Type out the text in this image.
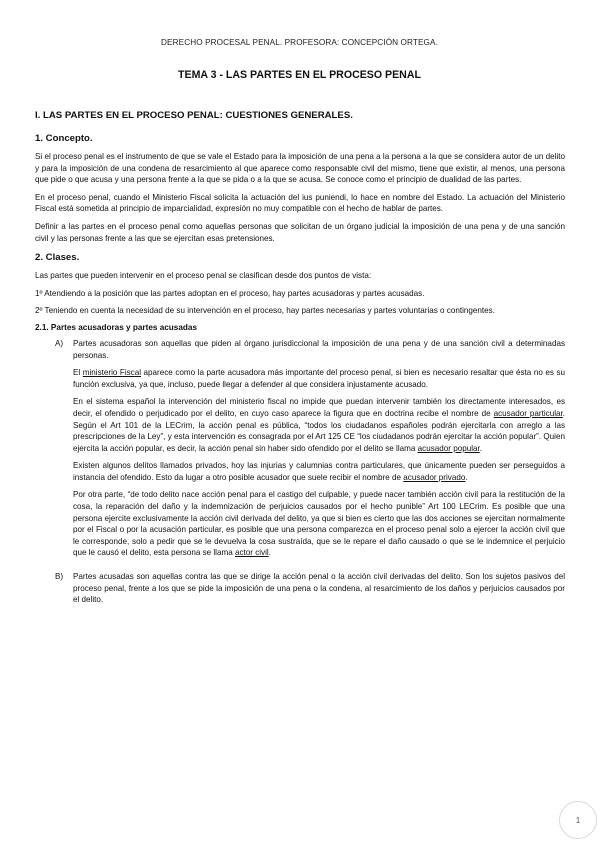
DERECHO PROCESAL PENAL. PROFESORA: CONCEPCIÓN ORTEGA.
TEMA 3 - LAS PARTES EN EL PROCESO PENAL
I. LAS PARTES EN EL PROCESO PENAL: CUESTIONES GENERALES.
1. Concepto.

Si el proceso penal es el instrumento de que se vale el Estado para la imposición de una pena a la persona a la que se considera autor de un delito y para la imposición de una condena de resarcimiento al que aparece como responsable civil del mismo, tiene que existir, al menos, una persona que pide o que acusa y una persona frente a la que se pida o a la que se acusa. Se conoce como el principio de dualidad de las partes.

En el proceso penal, cuando el Ministerio Fiscal solicita la actuación del ius puniendi, lo hace en nombre del Estado. La actuación del Ministerio Fiscal está sometida al principio de imparcialidad, expresión no muy compatible con el hecho de hablar de partes.

Definir a las partes en el proceso penal como aquellas personas que solicitan de un órgano judicial la imposición de una pena y de una sanción civil y las personas frente a las que se ejercitan esas pretensiones.

2. Clases.

Las partes que pueden intervenir en el proceso penal se clasifican desde dos puntos de vista:

1º Atendiendo a la posición que las partes adoptan en el proceso, hay partes acusadoras y partes acusadas.

2º Teniendo en cuenta la necesidad de su intervención en el proceso, hay partes necesarias y partes voluntarias o contingentes.

2.1. Partes acusadoras y partes acusadas
A)	Partes acusadoras son aquellas que piden al órgano jurisdiccional la imposición de una pena y de una sanción civil a determinadas personas.

El ministerio Fiscal aparece como la parte acusadora más importante del proceso penal, si bien es necesario resaltar que ésta no es su función exclusiva, ya que, incluso, puede llegar a defender al que considera injustamente acusado.

En el sistema español la intervención del ministerio fiscal no impide que puedan intervenir también los directamente interesados, es decir, el ofendido o perjudicado por el delito, en cuyo caso aparece la figura que en doctrina recibe el nombre de acusador particular. Según el Art 101 de la LECrim, la acción penal es pública, “todos los ciudadanos españoles podrán ejercitarla con arreglo a las prescripciones de la Ley”, y esta intervención es consagrada por el Art 125 CE “los ciudadanos podrán ejercitar la acción popular”. Quien ejercita la acción popular, es decir, la acción penal sin haber sido ofendido por el delito se llama acusador popular.

Existen algunos delitos llamados privados, hoy las injurias y calumnias contra particulares, que únicamente pueden ser perseguidos a instancia del ofendido. Esto da lugar a otro posible acusador que suele recibir el nombre de acusador privado.

Por otra parte, “de todo delito nace acción penal para el castigo del culpable, y puede nacer también acción civil para la restitución de la cosa, la reparación del daño y la indemnización de perjuicios causados por el hecho punible” Art 100 LECrim. Es posible que una persona ejercite exclusivamente la acción civil derivada del delito, ya que si bien es cierto que las dos acciones se ejercitan normalmente por el Fiscal o por la acusación particular, es posible que una persona comparezca en el proceso penal solo a ejercer la acción civil que le corresponde, solo a pedir que se le devuelva la cosa sustraída, que se le repare el daño causado o que se le indemnice el perjuicio que le causó el delito, esta persona se llama actor civil.

B)	Partes acusadas son aquellas contra las que se dirige la acción penal o la acción civil derivadas del delito. Son los sujetos pasivos del proceso penal, frente a los que se pide la imposición de una pena o la condena, al resarcimiento de los daños y perjuicios causados por el delito.

1
